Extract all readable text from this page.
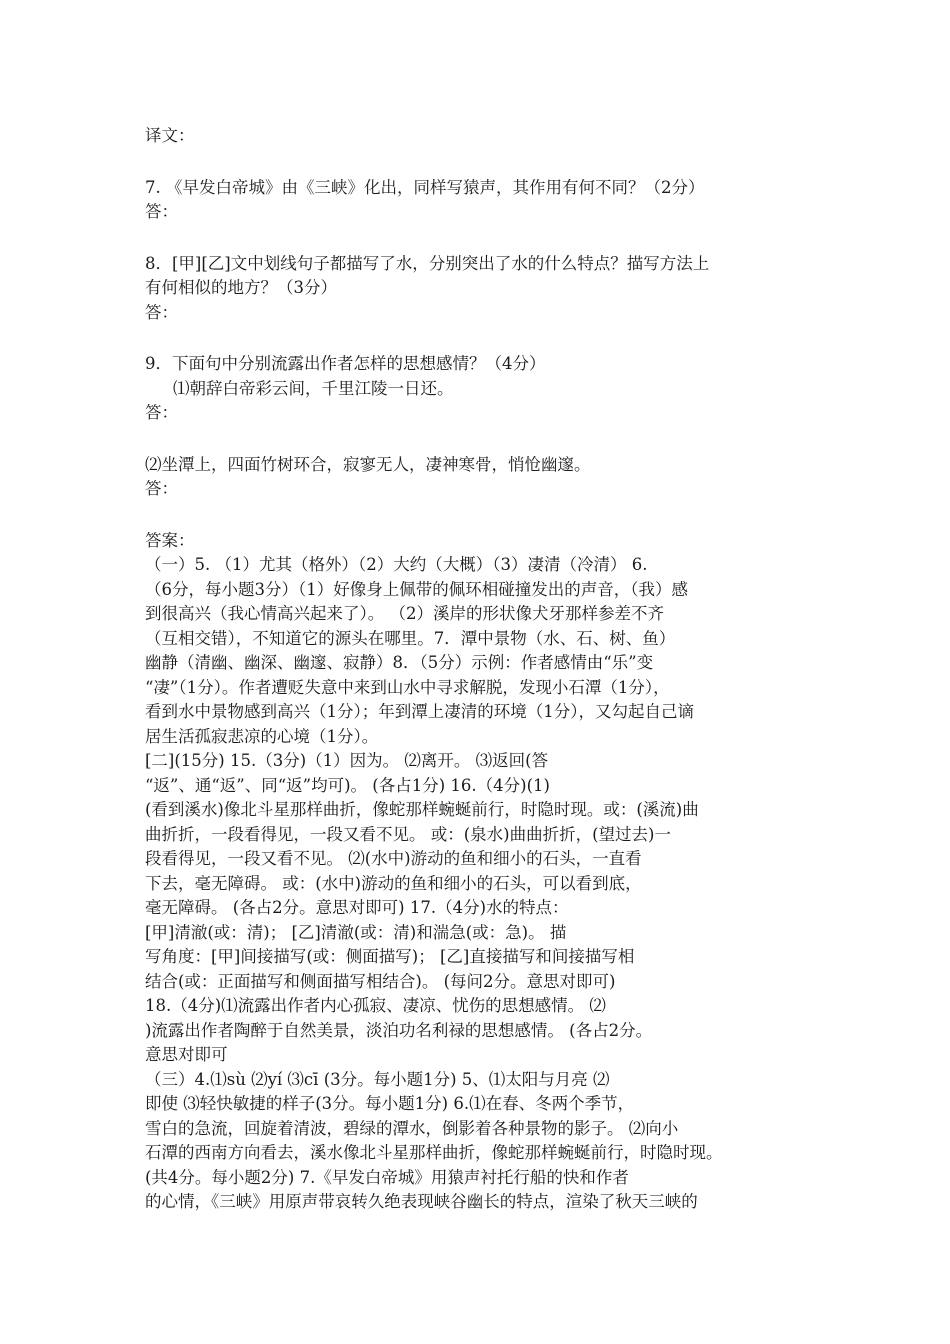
译文：
7. 《早发白帝城》由《三峡》化出，同样写猿声，其作用有何不同？（2分）
答：
8．[甲][乙]文中划线句子都描写了水，分别突出了水的什么特点？描写方法上
有何相似的地方？（3分）
答：
9．下面句中分别流露出作者怎样的思想感情？（4分）
⑴朝辞白帝彩云间，千里江陵一日还。
答：
⑵坐潭上，四面竹树环合，寂寥无人，凄神寒骨，悄怆幽邃。
答：
答案：
（一）5. （1）尤其（格外）（2）大约（大概）（3）凄清（冷清） 6.
（6分，每小题3分）（1）好像身上佩带的佩环相碰撞发出的声音，（我）感
到很高兴（我心情高兴起来了）。 （2）溪岸的形状像犬牙那样参差不齐
（互相交错），不知道它的源头在哪里。7．潭中景物（水、石、树、鱼）
幽静（清幽、幽深、幽邃、寂静）8．（5分）示例：作者感情由“乐”变
“凄”（1分）。作者遭贬失意中来到山水中寻求解脱，发现小石潭（1分），
看到水中景物感到高兴（1分）；年到潭上凄清的环境（1分），又勾起自己谪
居生活孤寂悲凉的心境（1分）。
[二](15分) 15.（3分)（1）因为。 ⑵离开。 ⑶返回(答
“返”、通“返”、同“返”均可)。 (各占1分) 16.（4分)(1)
(看到溪水)像北斗星那样曲折，像蛇那样蜿蜒前行，时隐时现。或：(溪流)曲
曲折折，一段看得见，一段又看不见。 或：(泉水)曲曲折折，(望过去)一
段看得见，一段又看不见。 ⑵(水中)游动的鱼和细小的石头，一直看
下去，毫无障碍。 或：(水中)游动的鱼和细小的石头，可以看到底，
毫无障碍。 (各占2分。意思对即可) 17.（4分)水的特点：
[甲]清澈(或：清)； [乙]清澈(或：清)和湍急(或：急)。 描
写角度：[甲]间接描写(或：侧面描写)； [乙]直接描写和间接描写相
结合(或：正面描写和侧面描写相结合)。 (每问2分。意思对即可)
18.（4分)⑴流露出作者内心孤寂、凄凉、忧伤的思想感情。 ⑵
)流露出作者陶醉于自然美景，淡泊功名利禄的思想感情。 (各占2分。
意思对即可
（三）4.⑴sù ⑵yí ⑶cī (3分。每小题1分) 5、⑴太阳与月亮 ⑵
即使 ⑶轻快敏捷的样子(3分。每小题1分) 6.⑴在春、冬两个季节，
雪白的急流，回旋着清波，碧绿的潭水，倒影着各种景物的影子。 ⑵向小
石潭的西南方向看去，溪水像北斗星那样曲折，像蛇那样蜿蜒前行，时隐时现。
(共4分。每小题2分) 7.《早发白帝城》用猿声衬托行船的快和作者
的心情，《三峡》用原声带哀转久绝表现峡谷幽长的特点，渲染了秋天三峡的
